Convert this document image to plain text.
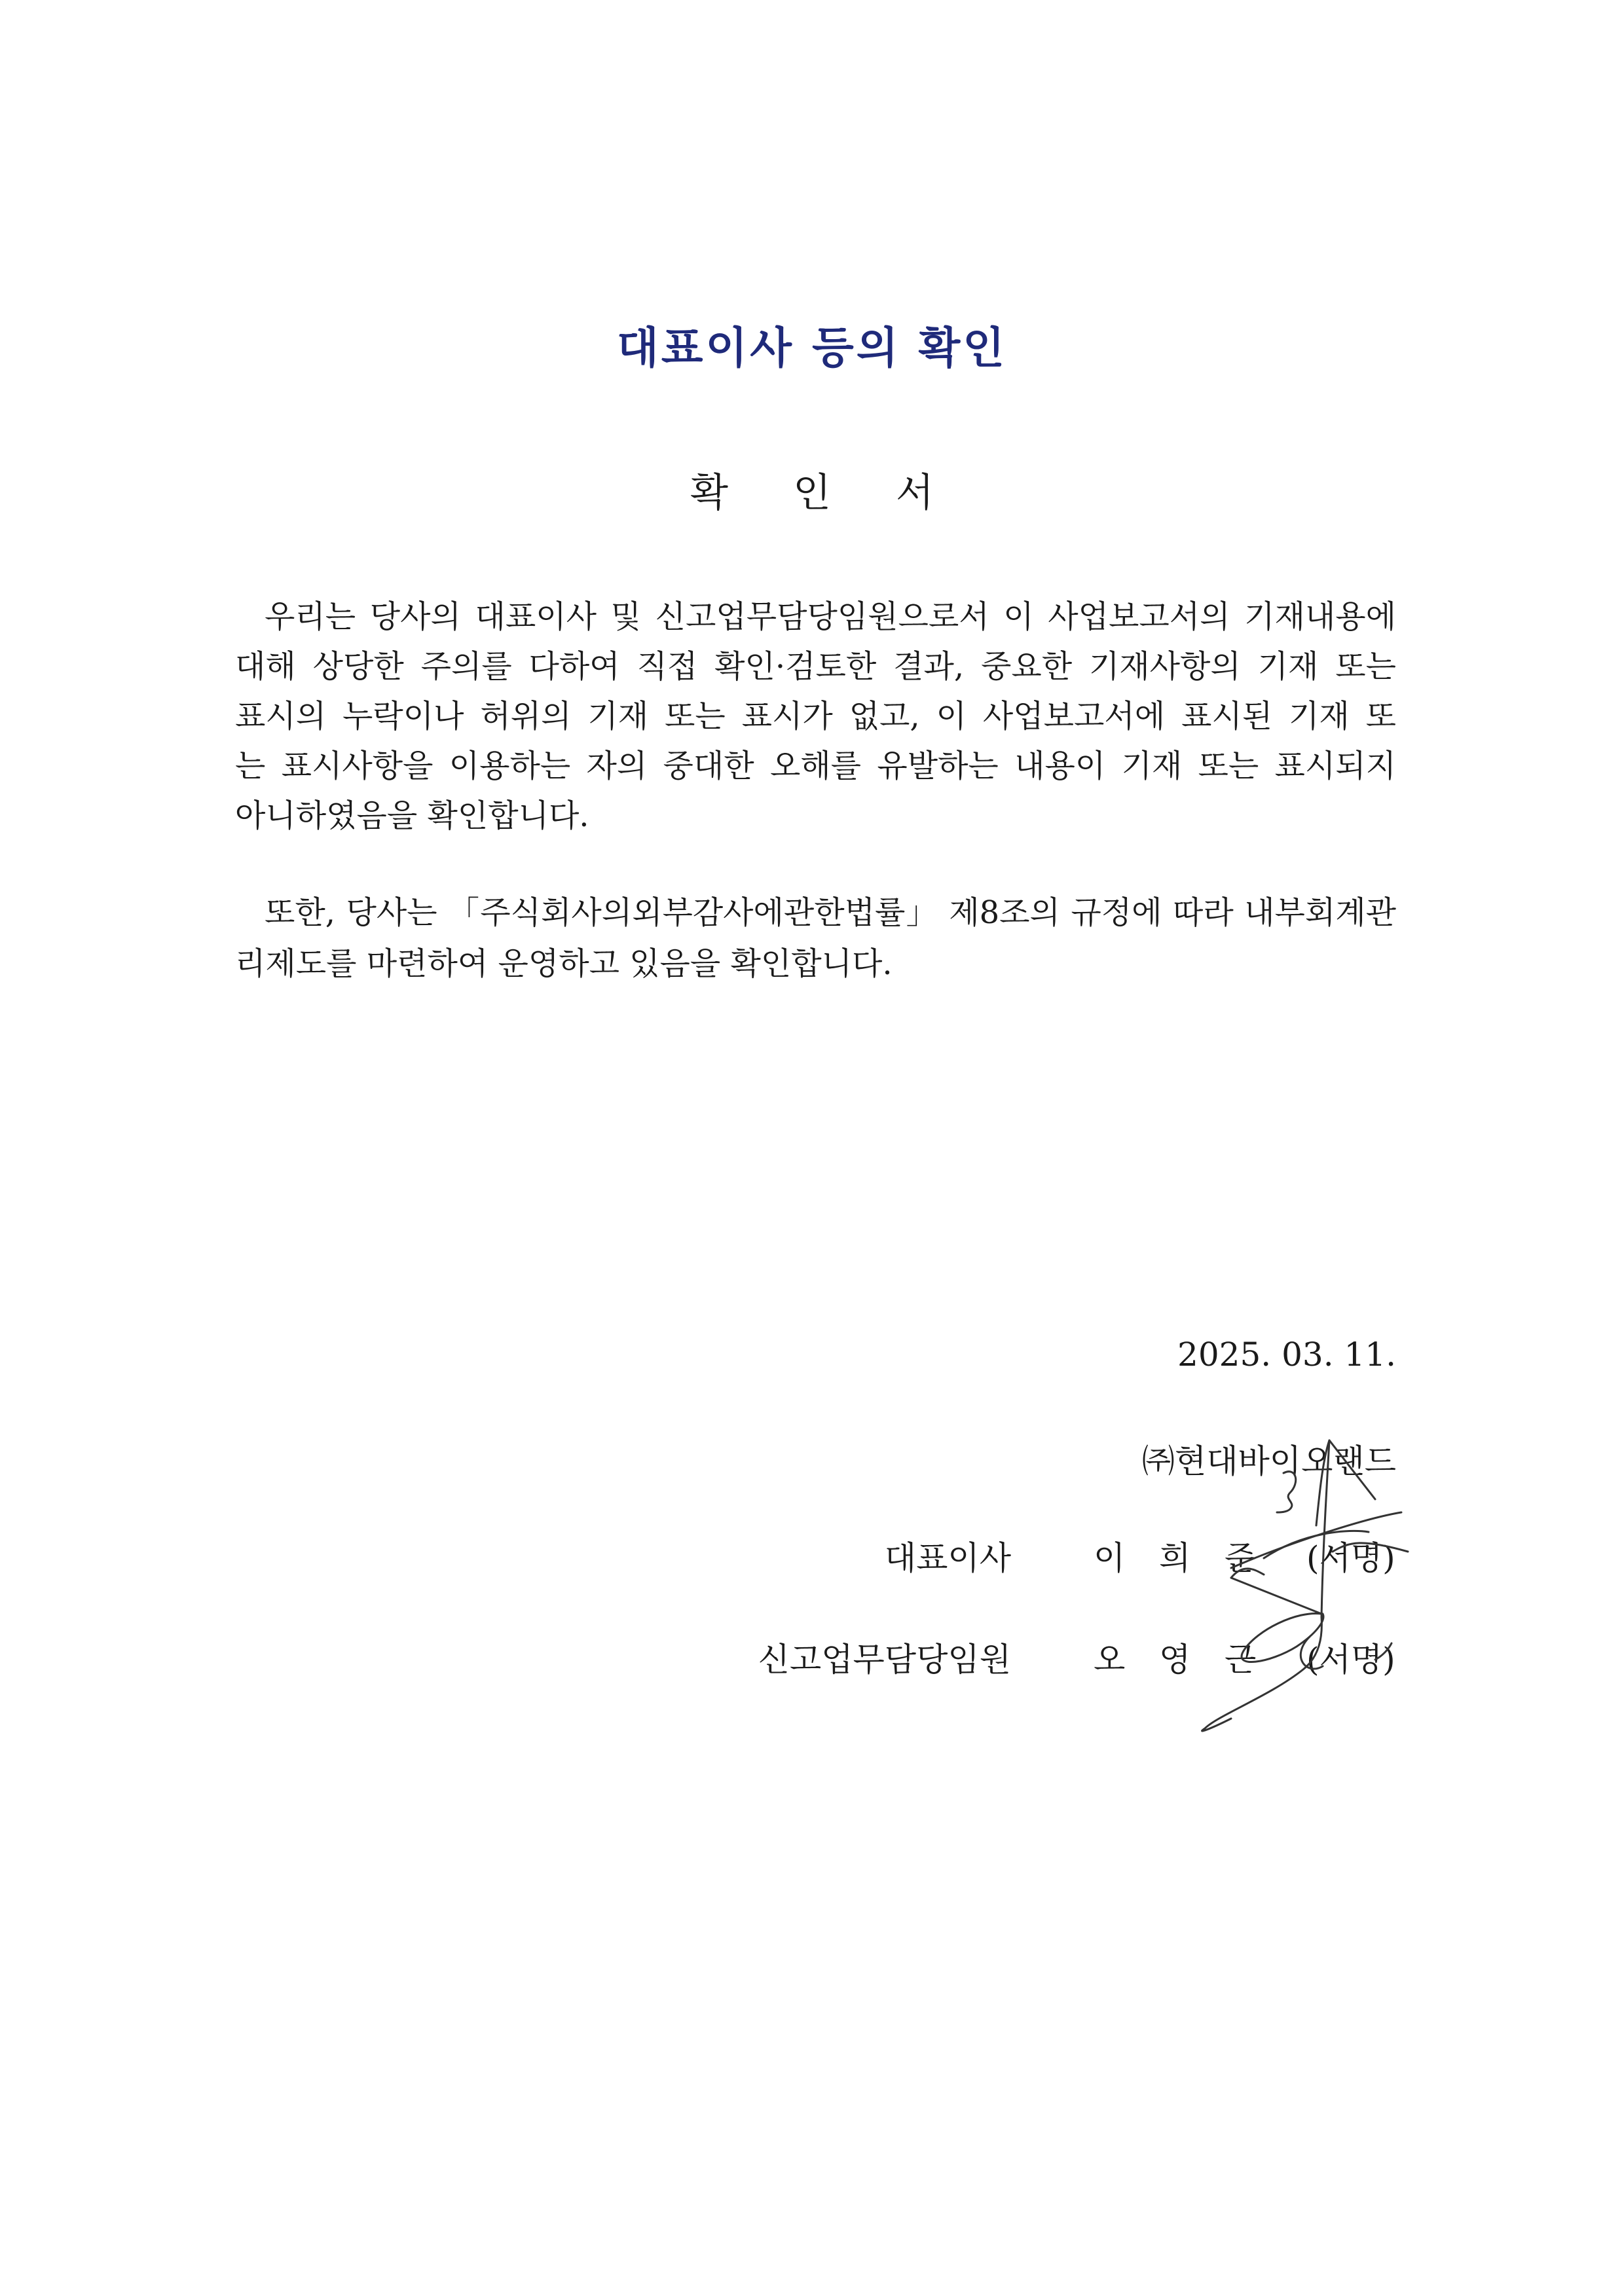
대표이사 등의 확인
확 인 서
우리는 당사의 대표이사 및 신고업무담당임원으로서 이 사업보고서의 기재내용에
대해 상당한 주의를 다하여 직접 확인·검토한 결과, 중요한 기재사항의 기재 또는
표시의 누락이나 허위의 기재 또는 표시가 없고, 이 사업보고서에 표시된 기재 또
는 표시사항을 이용하는 자의 중대한 오해를 유발하는 내용이 기재 또는 표시되지
아니하였음을 확인합니다.
또한, 당사는 「주식회사의외부감사에관한법률」 제8조의 규정에 따라 내부회계관
리제도를 마련하여 운영하고 있음을 확인합니다.
2025. 03. 11.
㈜현대바이오랜드
대표이사	이 희 준 (서명)
신고업무담당임원	오 영 근 (서명)
